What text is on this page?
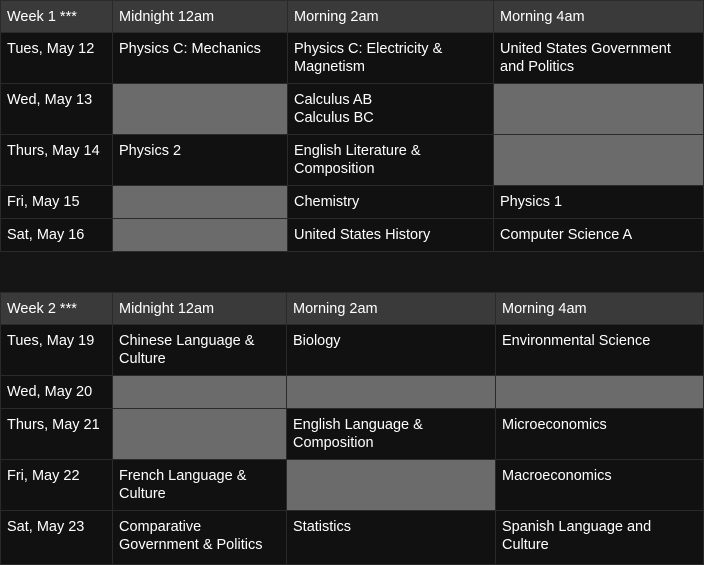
Week 1 ***	Midnight 12am	Morning 2am	Morning 4am
Tues, May 12	Physics C: Mechanics	Physics C: Electricity & Magnetism	United States Government and Politics
Wed, May 13		Calculus AB
Calculus BC	
Thurs, May 14	Physics 2	English Literature & Composition	
Fri, May 15		Chemistry	Physics 1
Sat, May 16		United States History	Computer Science A
Week 2 ***	Midnight 12am	Morning 2am	Morning 4am
Tues, May 19	Chinese Language & Culture	Biology	Environmental Science
Wed, May 20			
Thurs, May 21		English Language & Composition	Microeconomics
Fri, May 22	French Language & Culture		Macroeconomics
Sat, May 23	Comparative Government & Politics	Statistics	Spanish Language and Culture
